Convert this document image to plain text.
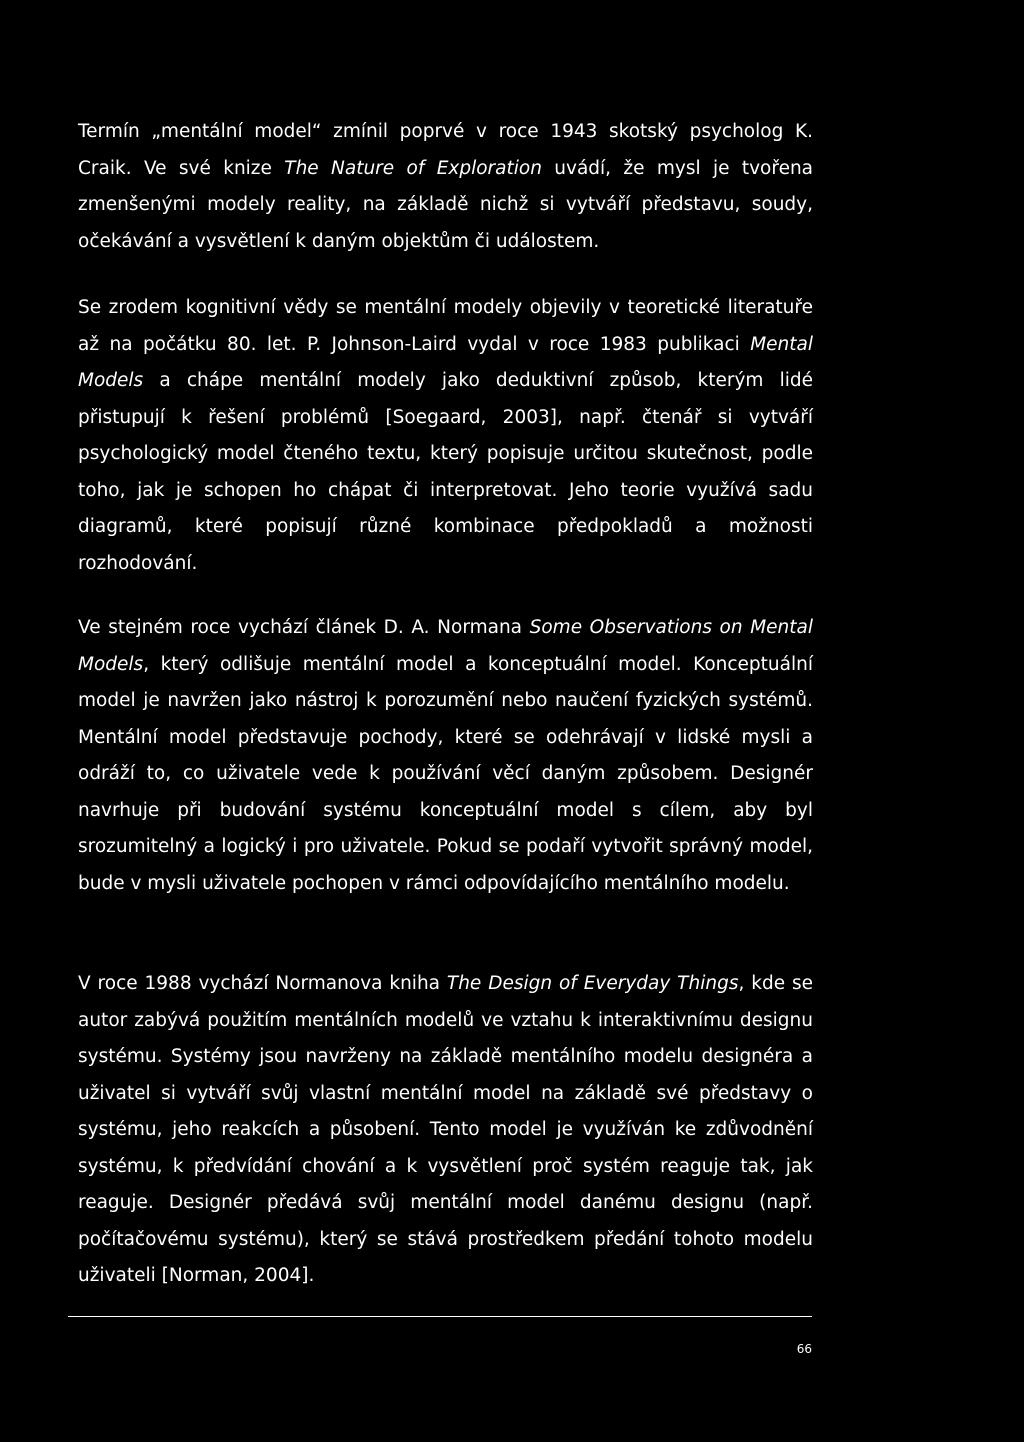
Termín „mentální model“ zmínil poprvé v roce 1943 skotský psycholog K. Craik. Ve své knize The Nature of Exploration uvádí, že mysl je tvořena zmenšenými modely reality, na základě nichž si vytváří představu, soudy, očekávání a vysvětlení k daným objektům či událostem.

Se zrodem kognitivní vědy se mentální modely objevily v teoretické literatuře až na počátku 80. let. P. Johnson-Laird vydal v roce 1983 publikaci Mental Models a chápe mentální modely jako deduktivní způsob, kterým lidé přistupují k řešení problémů [Soegaard, 2003], např. čtenář si vytváří psychologický model čteného textu, který popisuje určitou skutečnost, podle toho, jak je schopen ho chápat či interpretovat. Jeho teorie využívá sadu diagramů, které popisují různé kombinace předpokladů a možnosti rozhodování.

Ve stejném roce vychází článek D. A. Normana Some Observations on Mental Models, který odlišuje mentální model a konceptuální model. Konceptuální model je navržen jako nástroj k porozumění nebo naučení fyzických systémů. Mentální model představuje pochody, které se odehrávají v lidské mysli a odráží to, co uživatele vede k používání věcí daným způsobem. Designér navrhuje při budování systému konceptuální model s cílem, aby byl srozumitelný a logický i pro uživatele. Pokud se podaří vytvořit správný model, bude v mysli uživatele pochopen v rámci odpovídajícího mentálního modelu.

V roce 1988 vychází Normanova kniha The Design of Everyday Things, kde se autor zabývá použitím mentálních modelů ve vztahu k interaktivnímu designu systému. Systémy jsou navrženy na základě mentálního modelu designéra a uživatel si vytváří svůj vlastní mentální model na základě své představy o systému, jeho reakcích a působení. Tento model je využíván ke zdůvodnění systému, k předvídání chování a k vysvětlení proč systém reaguje tak, jak reaguje. Designér předává svůj mentální model danému designu (např. počítačovému systému), který se stává prostředkem předání tohoto modelu uživateli [Norman, 2004].

66
